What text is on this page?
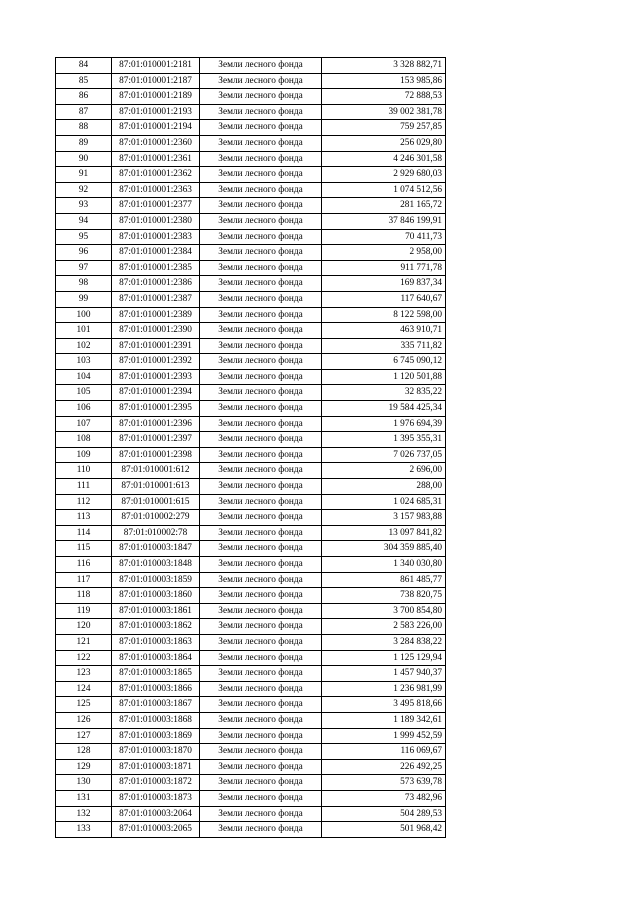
84	87:01:010001:2181	Земли лесного фонда	3 328 882,71
85	87:01:010001:2187	Земли лесного фонда	153 985,86
86	87:01:010001:2189	Земли лесного фонда	72 888,53
87	87:01:010001:2193	Земли лесного фонда	39 002 381,78
88	87:01:010001:2194	Земли лесного фонда	759 257,85
89	87:01:010001:2360	Земли лесного фонда	256 029,80
90	87:01:010001:2361	Земли лесного фонда	4 246 301,58
91	87:01:010001:2362	Земли лесного фонда	2 929 680,03
92	87:01:010001:2363	Земли лесного фонда	1 074 512,56
93	87:01:010001:2377	Земли лесного фонда	281 165,72
94	87:01:010001:2380	Земли лесного фонда	37 846 199,91
95	87:01:010001:2383	Земли лесного фонда	70 411,73
96	87:01:010001:2384	Земли лесного фонда	2 958,00
97	87:01:010001:2385	Земли лесного фонда	911 771,78
98	87:01:010001:2386	Земли лесного фонда	169 837,34
99	87:01:010001:2387	Земли лесного фонда	117 640,67
100	87:01:010001:2389	Земли лесного фонда	8 122 598,00
101	87:01:010001:2390	Земли лесного фонда	463 910,71
102	87:01:010001:2391	Земли лесного фонда	335 711,82
103	87:01:010001:2392	Земли лесного фонда	6 745 090,12
104	87:01:010001:2393	Земли лесного фонда	1 120 501,88
105	87:01:010001:2394	Земли лесного фонда	32 835,22
106	87:01:010001:2395	Земли лесного фонда	19 584 425,34
107	87:01:010001:2396	Земли лесного фонда	1 976 694,39
108	87:01:010001:2397	Земли лесного фонда	1 395 355,31
109	87:01:010001:2398	Земли лесного фонда	7 026 737,05
110	87:01:010001:612	Земли лесного фонда	2 696,00
111	87:01:010001:613	Земли лесного фонда	288,00
112	87:01:010001:615	Земли лесного фонда	1 024 685,31
113	87:01:010002:279	Земли лесного фонда	3 157 983,88
114	87:01:010002:78	Земли лесного фонда	13 097 841,82
115	87:01:010003:1847	Земли лесного фонда	304 359 885,40
116	87:01:010003:1848	Земли лесного фонда	1 340 030,80
117	87:01:010003:1859	Земли лесного фонда	861 485,77
118	87:01:010003:1860	Земли лесного фонда	738 820,75
119	87:01:010003:1861	Земли лесного фонда	3 700 854,80
120	87:01:010003:1862	Земли лесного фонда	2 583 226,00
121	87:01:010003:1863	Земли лесного фонда	3 284 838,22
122	87:01:010003:1864	Земли лесного фонда	1 125 129,94
123	87:01:010003:1865	Земли лесного фонда	1 457 940,37
124	87:01:010003:1866	Земли лесного фонда	1 236 981,99
125	87:01:010003:1867	Земли лесного фонда	3 495 818,66
126	87:01:010003:1868	Земли лесного фонда	1 189 342,61
127	87:01:010003:1869	Земли лесного фонда	1 999 452,59
128	87:01:010003:1870	Земли лесного фонда	116 069,67
129	87:01:010003:1871	Земли лесного фонда	226 492,25
130	87:01:010003:1872	Земли лесного фонда	573 639,78
131	87:01:010003:1873	Земли лесного фонда	73 482,96
132	87:01:010003:2064	Земли лесного фонда	504 289,53
133	87:01:010003:2065	Земли лесного фонда	501 968,42
